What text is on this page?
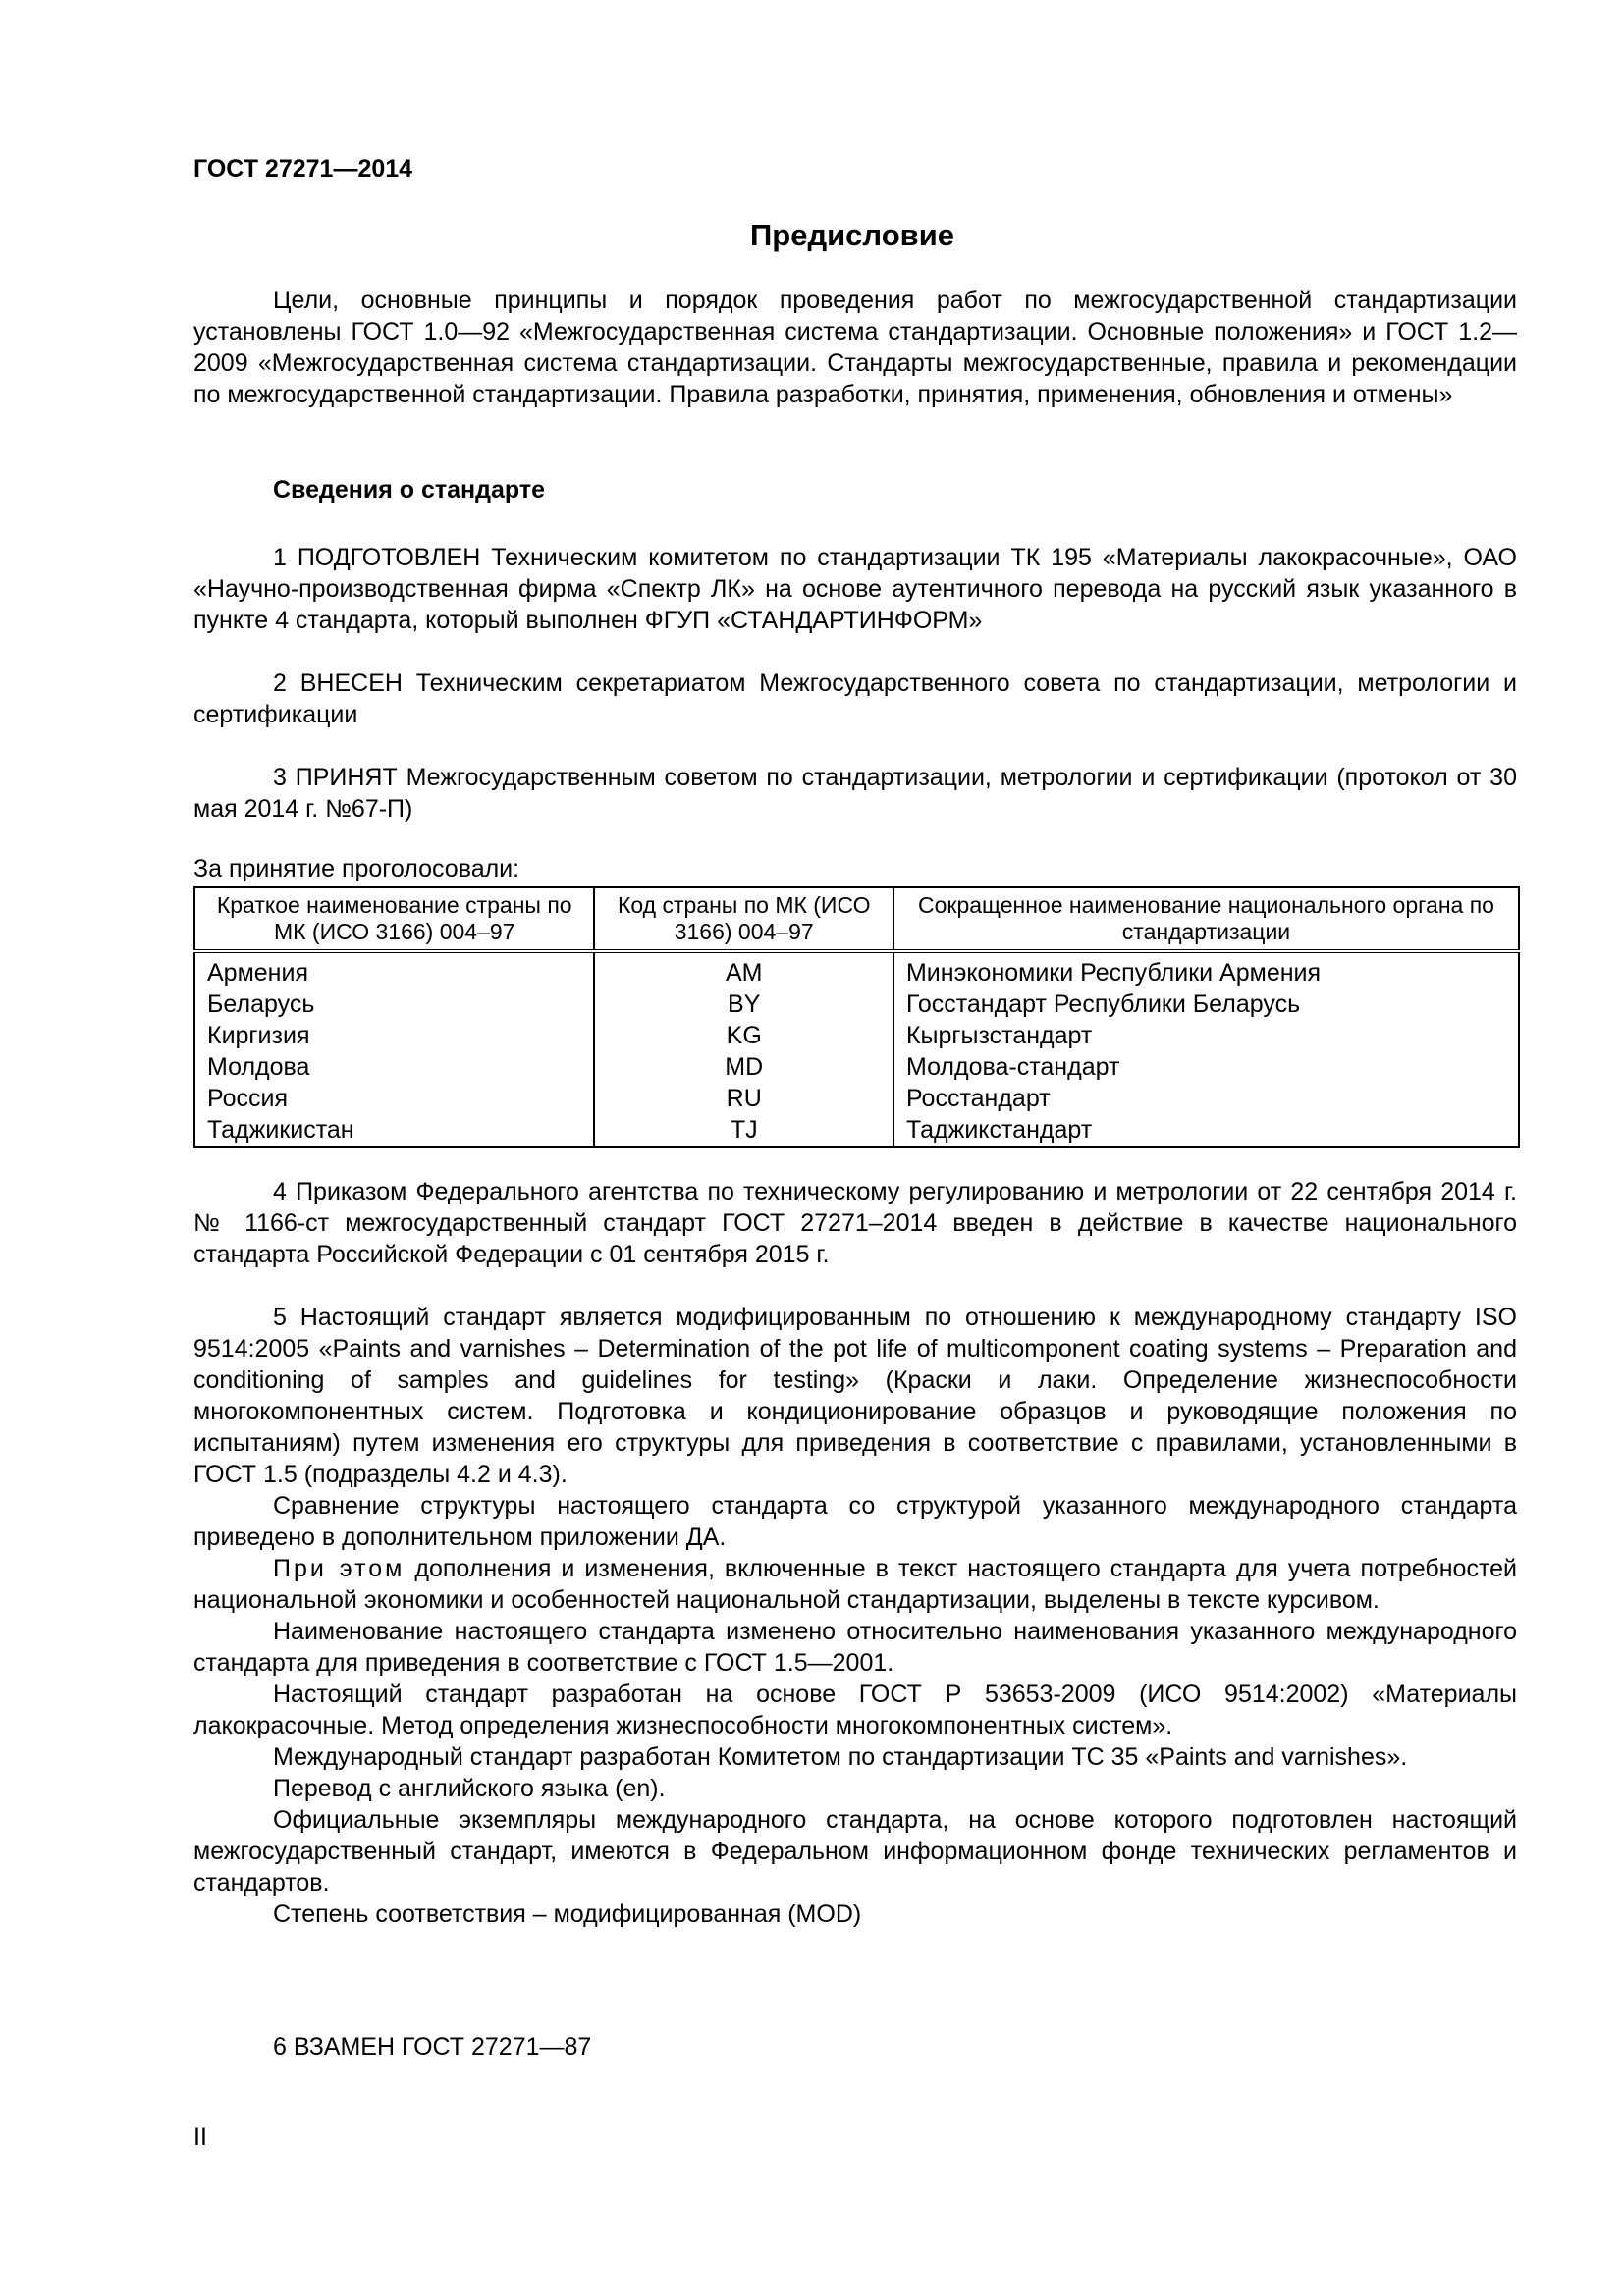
ГОСТ 27271—2014
Предисловие

Цели, основные принципы и порядок проведения работ по межгосударственной стандартизации установлены ГОСТ 1.0—92 «Межгосударственная система стандартизации. Основные положения» и ГОСТ 1.2—2009 «Межгосударственная система стандартизации. Стандарты межгосударственные, правила и рекомендации по межгосударственной стандартизации. Правила разработки, принятия, применения, обновления и отмены»

Сведения о стандарте

1 ПОДГОТОВЛЕН Техническим комитетом по стандартизации ТК 195 «Материалы лакокрасочные», ОАО «Научно-производственная фирма «Спектр ЛК» на основе аутентичного перевода на русский язык указанного в пункте 4 стандарта, который выполнен ФГУП «СТАНДАРТИНФОРМ»

2 ВНЕСЕН Техническим секретариатом Межгосударственного совета по стандартизации, метрологии и сертификации

3 ПРИНЯТ Межгосударственным советом по стандартизации, метрологии и сертификации (протокол от 30 мая 2014 г. №67-П)

За принятие проголосовали:
Краткое наименование страны по МК (ИСО 3166) 004–97	Код страны по МК (ИСО 3166) 004–97	Сокращенное наименование национального органа по стандартизации
Армения	AM	Минэкономики Республики Армения
Беларусь	BY	Госстандарт Республики Беларусь
Киргизия	KG	Кыргызстандарт
Молдова	MD	Молдова-стандарт
Россия	RU	Росстандарт
Таджикистан	TJ	Таджикстандарт

4 Приказом Федерального агентства по техническому регулированию и метрологии от 22 сентября 2014 г. № 1166-ст межгосударственный стандарт ГОСТ 27271–2014 введен в действие в качестве национального стандарта Российской Федерации с 01 сентября 2015 г.

5 Настоящий стандарт является модифицированным по отношению к международному стандарту ISO 9514:2005 «Paints and varnishes – Determination of the pot life of multicomponent coating systems – Preparation and conditioning of samples and guidelines for testing» (Краски и лаки. Определение жизнеспособности многокомпонентных систем. Подготовка и кондиционирование образцов и руководящие положения по испытаниям) путем изменения его структуры для приведения в соответствие с правилами, установленными в ГОСТ 1.5 (подразделы 4.2 и 4.3).

Сравнение структуры настоящего стандарта со структурой указанного международного стандарта приведено в дополнительном приложении ДА.

При этом дополнения и изменения, включенные в текст настоящего стандарта для учета потребностей национальной экономики и особенностей национальной стандартизации, выделены в тексте курсивом.

Наименование настоящего стандарта изменено относительно наименования указанного международного стандарта для приведения в соответствие с ГОСТ 1.5—2001.

Настоящий стандарт разработан на основе ГОСТ Р 53653-2009 (ИСО 9514:2002) «Материалы лакокрасочные. Метод определения жизнеспособности многокомпонентных систем».

Международный стандарт разработан Комитетом по стандартизации ТС 35 «Paints and varnishes».

Перевод с английского языка (en).

Официальные экземпляры международного стандарта, на основе которого подготовлен настоящий межгосударственный стандарт, имеются в Федеральном информационном фонде технических регламентов и стандартов.

Степень соответствия – модифицированная (MOD)

6 ВЗАМЕН ГОСТ 27271—87

II
